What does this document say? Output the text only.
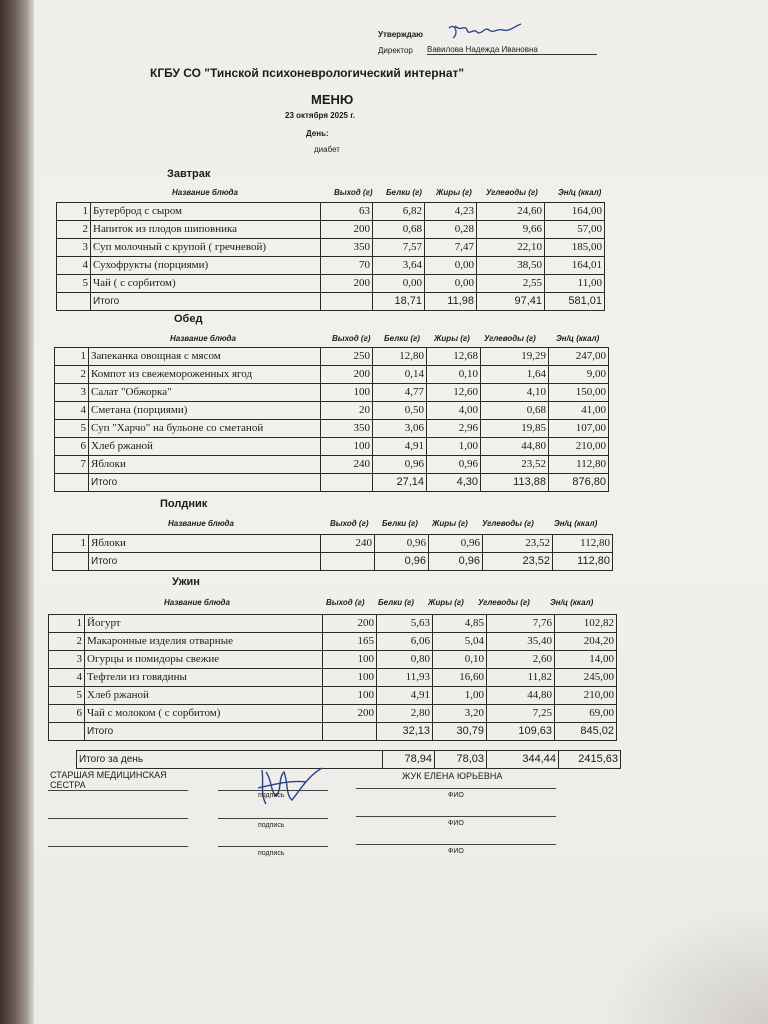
Утверждаю
Директор Вавилова Надежда Ивановна
КГБУ СО "Тинской психоневрологический интернат"
МЕНЮ
23 октября 2025 г.
День:
диабет
Завтрак
Название блюда	Выход (г) Белки (г) Жиры (г) Углеводы (г)	Эн/ц (ккал)
1	Бутерброд с сыром	63	6,82	4,23	24,60	164,00
2	Напиток из плодов шиповника	200	0,68	0,28	9,66	57,00
3	Суп молочный с крупой ( гречневой)	350	7,57	7,47	22,10	185,00
4	Сухофрукты (порциями)	70	3,64	0,00	38,50	164,01
5	Чай ( с сорбитом)	200	0,00	0,00	2,55	11,00
	Итого		18,71	11,98	97,41	581,01
Обед
Название блюда	Выход (г) Белки (г) Жиры (г) Углеводы (г)	Эн/ц (ккал)
1	Запеканка овощная с мясом	250	12,80	12,68	19,29	247,00
2	Компот из свежемороженных ягод	200	0,14	0,10	1,64	9,00
3	Салат "Обжорка"	100	4,77	12,60	4,10	150,00
4	Сметана (порциями)	20	0,50	4,00	0,68	41,00
5	Суп "Харчо" на бульоне со сметаной	350	3,06	2,96	19,85	107,00
6	Хлеб ржаной	100	4,91	1,00	44,80	210,00
7	Яблоки	240	0,96	0,96	23,52	112,80
	Итого		27,14	4,30	113,88	876,80
Полдник
Название блюда	Выход (г) Белки (г) Жиры (г) Углеводы (г)	Эн/ц (ккал)
1	Яблоки	240	0,96	0,96	23,52	112,80
	Итого		0,96	0,96	23,52	112,80
Ужин
Название блюда	Выход (г) Белки (г) Жиры (г) Углеводы (г)	Эн/ц (ккал)
1	Йогурт	200	5,63	4,85	7,76	102,82
2	Макаронные изделия отварные	165	6,06	5,04	35,40	204,20
3	Огурцы и помидоры свежие	100	0,80	0,10	2,60	14,00
4	Тефтели из говядины	100	11,93	16,60	11,82	245,00
5	Хлеб ржаной	100	4,91	1,00	44,80	210,00
6	Чай с молоком ( с сорбитом)	200	2,80	3,20	7,25	69,00
	Итого		32,13	30,79	109,63	845,02
Итого за день	78,94	78,03	344,44	2415,63
СТАРШАЯ МЕДИЦИНСКАЯ СЕСТРА
ЖУК ЕЛЕНА ЮРЬЕВНА
подпись	ФИО
подпись	ФИО
подпись	ФИО
